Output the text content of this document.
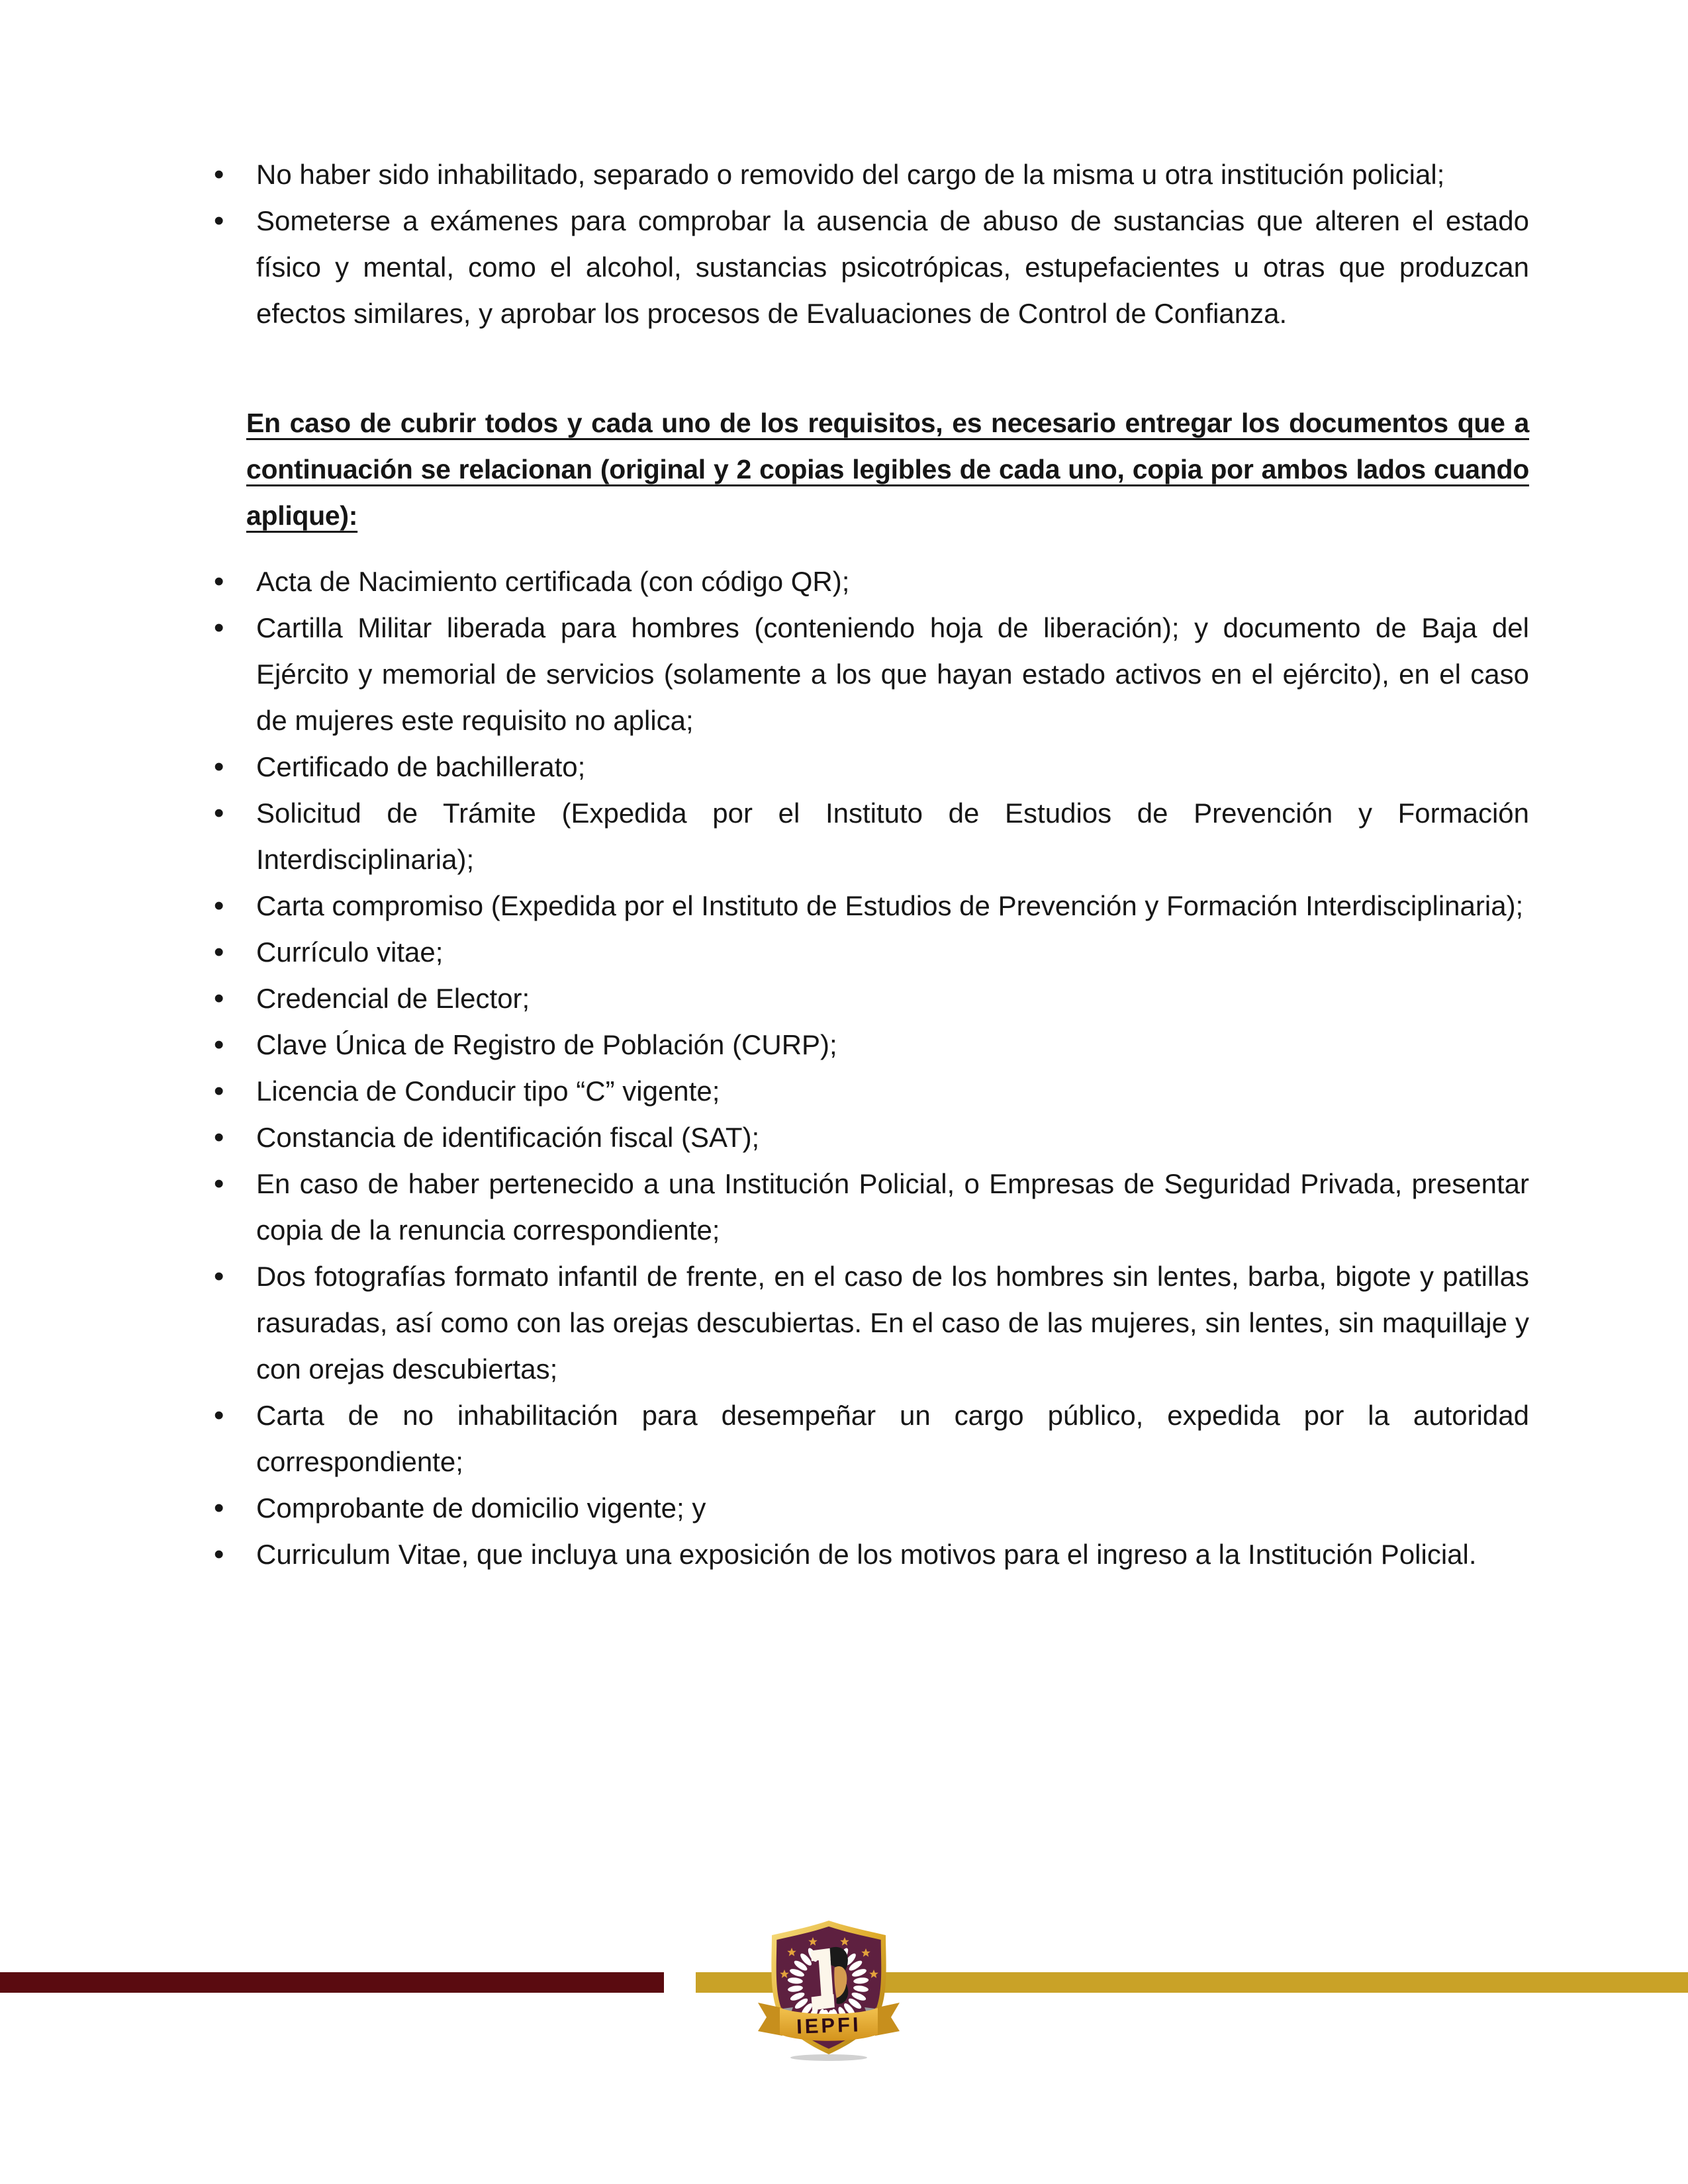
• No haber sido inhabilitado, separado o removido del cargo de la misma u otra institución policial;
• Someterse a exámenes para comprobar la ausencia de abuso de sustancias que alteren el estado físico y mental, como el alcohol, sustancias psicotrópicas, estupefacientes u otras que produzcan efectos similares, y aprobar los procesos de Evaluaciones de Control de Confianza.
En caso de cubrir todos y cada uno de los requisitos, es necesario entregar los documentos que a continuación se relacionan (original y 2 copias legibles de cada uno, copia por ambos lados cuando aplique):
• Acta de Nacimiento certificada (con código QR);
• Cartilla Militar liberada para hombres (conteniendo hoja de liberación); y documento de Baja del Ejército y memorial de servicios (solamente a los que hayan estado activos en el ejército), en el caso de mujeres este requisito no aplica;
• Certificado de bachillerato;
• Solicitud de Trámite (Expedida por el Instituto de Estudios de Prevención y Formación Interdisciplinaria);
• Carta compromiso (Expedida por el Instituto de Estudios de Prevención y Formación Interdisciplinaria);
• Currículo vitae;
• Credencial de Elector;
• Clave Única de Registro de Población (CURP);
• Licencia de Conducir tipo “C” vigente;
• Constancia de identificación fiscal (SAT);
• En caso de haber pertenecido a una Institución Policial, o Empresas de Seguridad Privada, presentar copia de la renuncia correspondiente;
• Dos fotografías formato infantil de frente, en el caso de los hombres sin lentes, barba, bigote y patillas rasuradas, así como con las orejas descubiertas. En el caso de las mujeres, sin lentes, sin maquillaje y con orejas descubiertas;
• Carta de no inhabilitación para desempeñar un cargo público, expedida por la autoridad correspondiente;
• Comprobante de domicilio vigente; y
• Curriculum Vitae, que incluya una exposición de los motivos para el ingreso a la Institución Policial.
IEPFI
